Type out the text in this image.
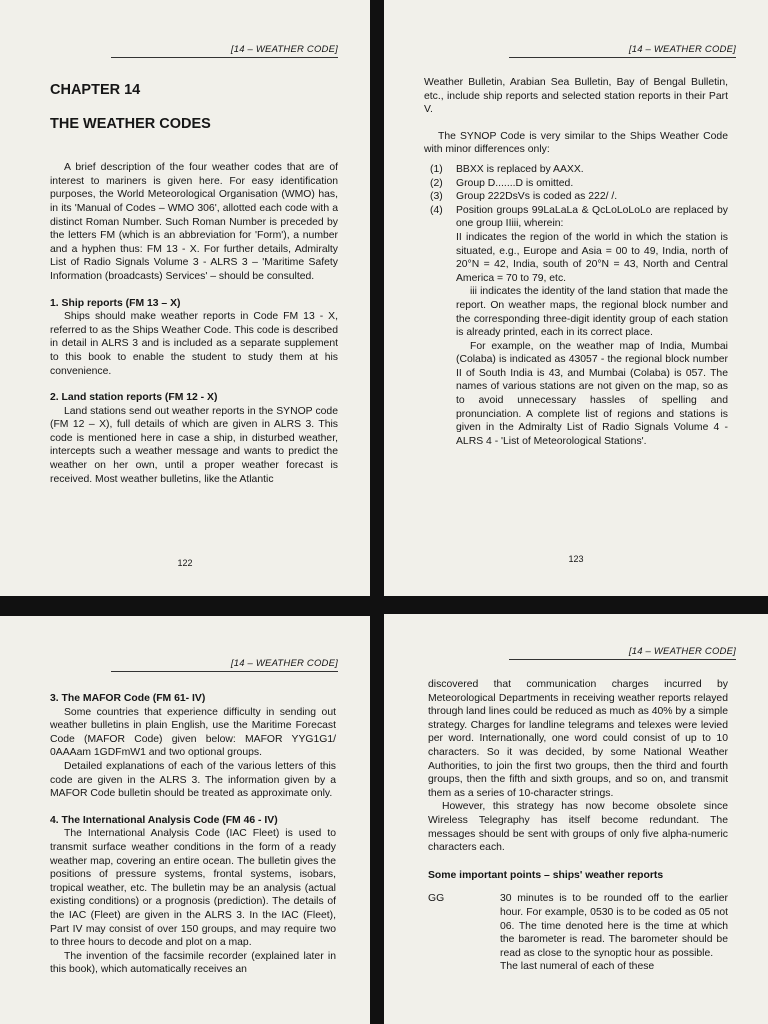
[14 – WEATHER CODE]
CHAPTER 14
THE WEATHER CODES

A brief description of the four weather codes that are of interest to mariners is given here. For easy identification purposes, the World Meteorological Organisation (WMO) has, in its 'Manual of Codes – WMO 306', allotted each code with a distinct Roman Number. Such Roman Number is preceded by the letters FM (which is an abbreviation for 'Form'), a number and a hyphen thus: FM 13 - X. For further details, Admiralty List of Radio Signals Volume 3 - ALRS 3 – 'Maritime Safety Information (broadcasts) Services' – should be consulted.

1. Ship reports (FM 13 – X)

Ships should make weather reports in Code FM 13 - X, referred to as the Ships Weather Code. This code is described in detail in ALRS 3 and is included as a separate supplement to this book to enable the student to study them at his convenience.

2. Land station reports (FM 12 - X)

Land stations send out weather reports in the SYNOP code (FM 12 – X), full details of which are given in ALRS 3. This code is mentioned here in case a ship, in disturbed weather, intercepts such a weather message and wants to predict the weather on her own, until a proper weather forecast is received. Most weather bulletins, like the Atlantic

122
[14 – WEATHER CODE]

Weather Bulletin, Arabian Sea Bulletin, Bay of Bengal Bulletin, etc., include ship reports and selected station reports in their Part V.

The SYNOP Code is very similar to the Ships Weather Code with minor differences only:

(1) BBXX is replaced by AAXX.
(2) Group D.......D is omitted.
(3) Group 222DsVs is coded as 222/ /.
(4) Position groups 99LaLaLa & QcLoLoLoLo are replaced by one group IIiii, wherein:

II indicates the region of the world in which the station is situated, e.g., Europe and Asia = 00 to 49, India, north of 20°N = 42, India, south of 20°N = 43, North and Central America = 70 to 79, etc.

iii indicates the identity of the land station that made the report. On weather maps, the regional block number and the corresponding three-digit identity group of each station is already printed, each in its correct place.

For example, on the weather map of India, Mumbai (Colaba) is indicated as 43057 - the regional block number II of South India is 43, and Mumbai (Colaba) is 057. The names of various stations are not given on the map, so as to avoid unnecessary hassles of spelling and pronunciation. A complete list of regions and stations is given in the Admiralty List of Radio Signals Volume 4 - ALRS 4 - 'List of Meteorological Stations'.

123
[14 – WEATHER CODE]

3. The MAFOR Code (FM 61- IV)

Some countries that experience difficulty in sending out weather bulletins in plain English, use the Maritime Forecast Code (MAFOR Code) given below: MAFOR YYG1G1/ 0AAAam 1GDFmW1 and two optional groups.

Detailed explanations of each of the various letters of this code are given in the ALRS 3. The information given by a MAFOR Code bulletin should be treated as approximate only.

4. The International Analysis Code (FM 46 - IV)

The International Analysis Code (IAC Fleet) is used to transmit surface weather conditions in the form of a ready weather map, covering an entire ocean. The bulletin gives the positions of pressure systems, frontal systems, isobars, tropical weather, etc. The bulletin may be an analysis (actual existing conditions) or a prognosis (prediction). The details of the IAC (Fleet) are given in the ALRS 3. In the IAC (Fleet), Part IV may consist of over 150 groups, and may require two to three hours to decode and plot on a map.

The invention of the facsimile recorder (explained later in this book), which automatically receives an

[14 – WEATHER CODE]

discovered that communication charges incurred by Meteorological Departments in receiving weather reports relayed through land lines could be reduced as much as 40% by a simple strategy. Charges for landline telegrams and telexes were levied per word. Internationally, one word could consist of up to 10 characters. So it was decided, by some National Weather Authorities, to join the first two groups, then the third and fourth groups, then the fifth and sixth groups, and so on, and transmit them as a series of 10-character strings.

However, this strategy has now become obsolete since Wireless Telegraphy has itself become redundant. The messages should be sent with groups of only five alpha-numeric characters each.

Some important points – ships' weather reports

GG	30 minutes is to be rounded off to the earlier hour. For example, 0530 is to be coded as 05 not 06. The time denoted here is the time at which the barometer is read. The barometer should be read as close to the synoptic hour as possible.

The last numeral of each of these
